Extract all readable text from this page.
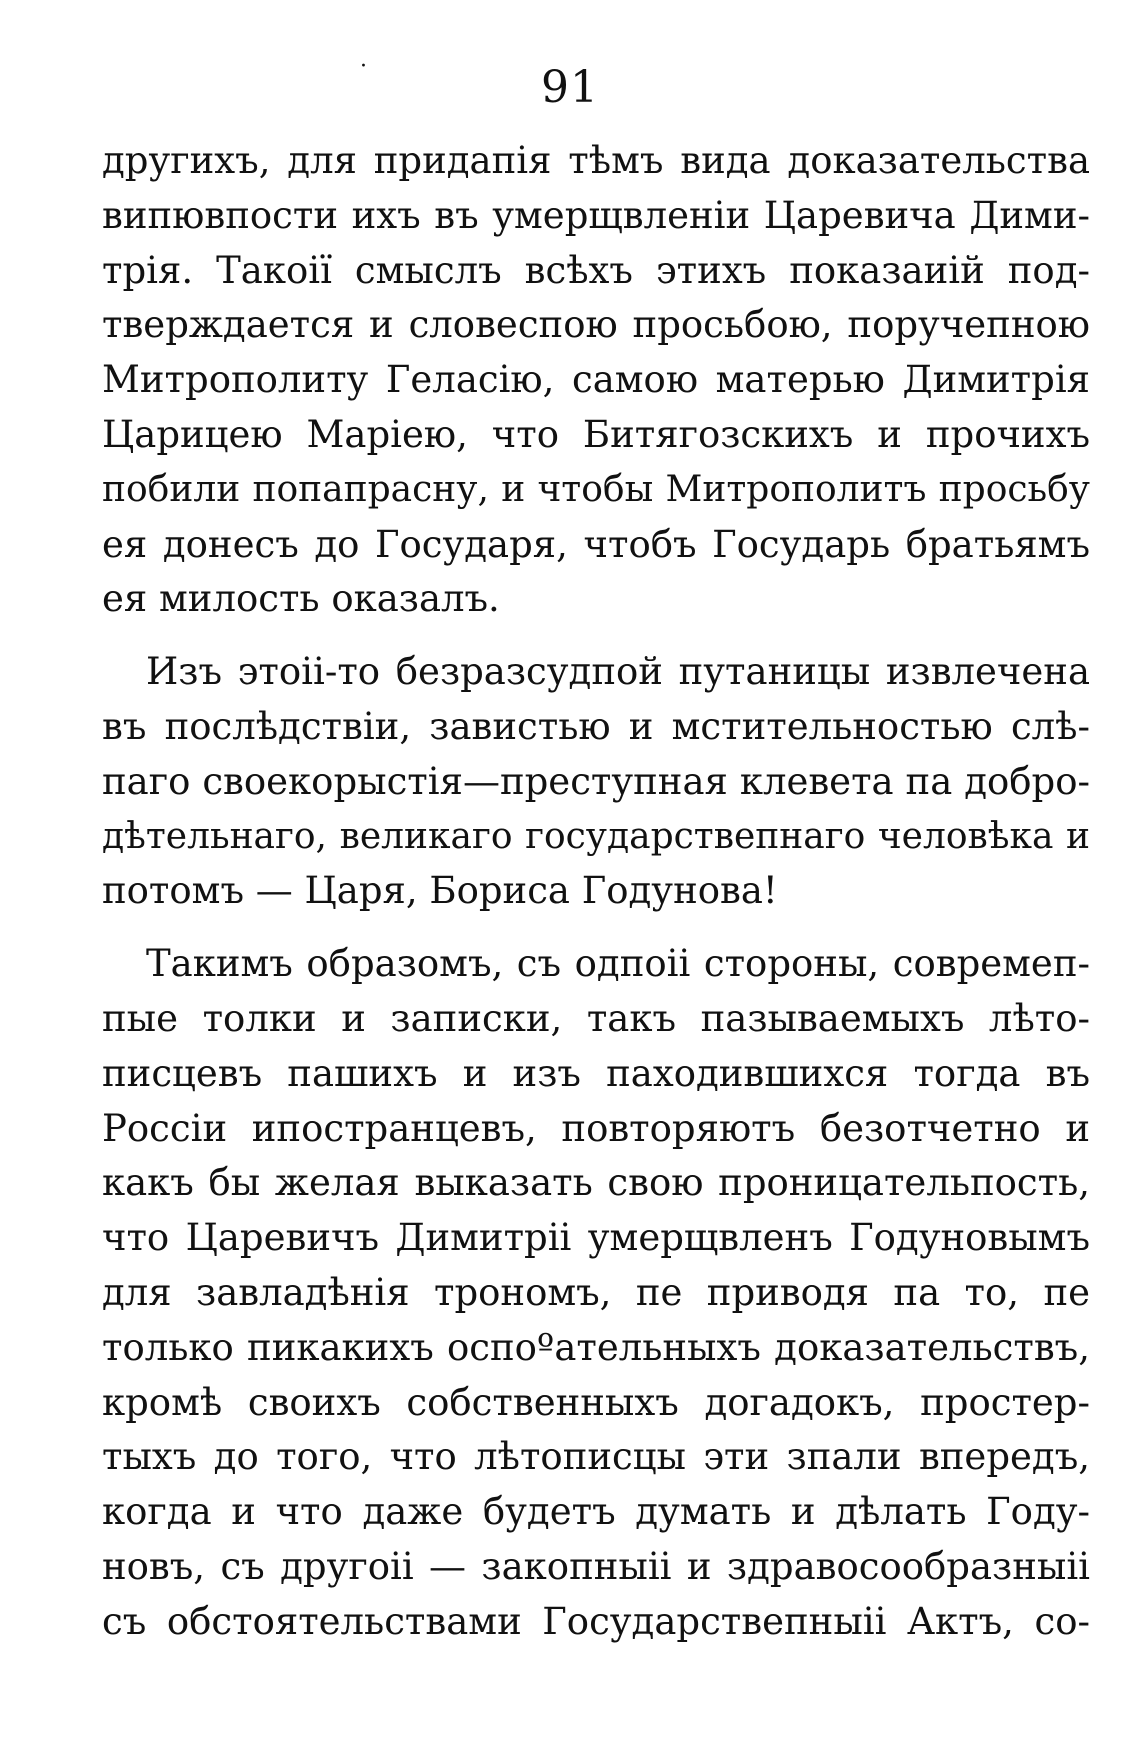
·	91
другихъ, для придапія тѣмъ вида доказательства
випювпости ихъ въ умерщвленіи Царевича Дими-
трія. Такоії смыслъ всѣхъ этихъ показаиій под-
тверждается и словеспою просьбою, поручепною
Митрополиту Геласію, самою матерью Димитрія
Царицею Маріею, что Битягозскихъ и прочихъ
побили попапрасну, и чтобы Митрополитъ просьбу
ея донесъ до Государя, чтобъ Государь братьямъ
ея милость оказалъ.
Изъ этоіі-то безразсудпой путаницы извлечена
въ послѣдствіи, завистью и мстительностью слѣ-
паго своекорыстія—преступная клевета па добро-
дѣтельнаго, великаго государствепнаго человѣка и
потомъ — Царя, Бориса Годунова!
Такимъ образомъ, съ одпоіі стороны, совремеп-
пые толки и записки, такъ пазываемыхъ лѣто-
писцевъ пашихъ и изъ паходившихся тогда въ
Россіи ипостранцевъ, повторяютъ безотчетно и
какъ бы желая выказать свою проницательпость,
что Царевичъ Димитріі умерщвленъ Годуновымъ
для завладѣнія трономъ, пе приводя па то, пе
только пикакихъ оспоºательныхъ доказательствъ,
кромѣ своихъ собственныхъ догадокъ, простер-
тыхъ до того, что лѣтописцы эти зпали впередъ,
когда и что даже будетъ думать и дѣлать Году-
новъ, съ другоіі — закопныіі и здравосообразныіі
съ обстоятельствами Государствепныіі Актъ, со-
